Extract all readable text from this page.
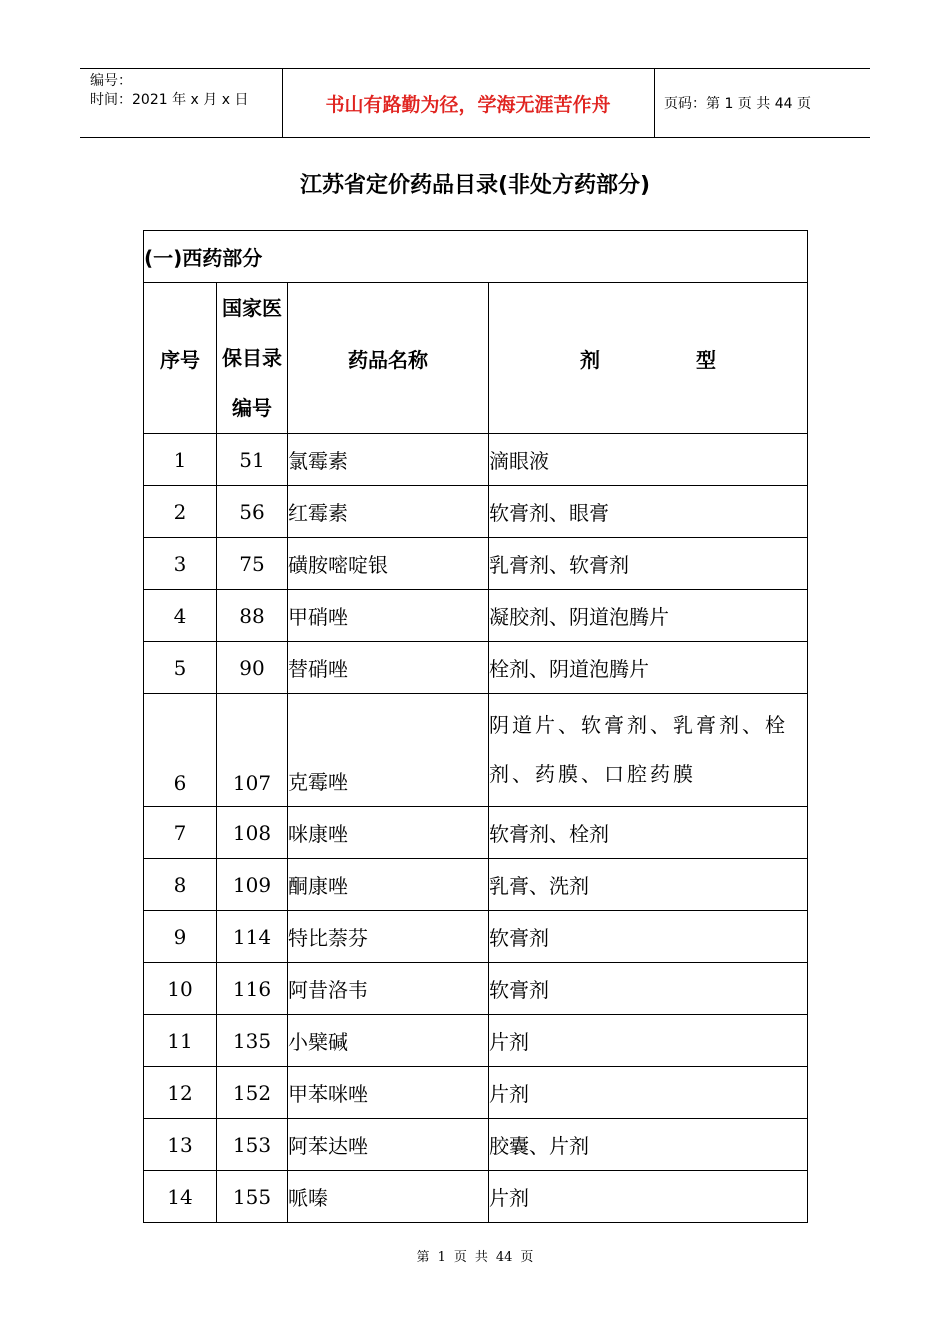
编号：
时间：2021 年 x 月 x 日	书山有路勤为径，学海无涯苦作舟	页码：第 1 页 共 44 页
江苏省定价药品目录(非处方药部分)
(一)西药部分			
序号	国家医
保目录
编号	药品名称	剂 型
1	51	氯霉素	滴眼液
2	56	红霉素	软膏剂、眼膏
3	75	磺胺嘧啶银	乳膏剂、软膏剂
4	88	甲硝唑	凝胶剂、阴道泡腾片
5	90	替硝唑	栓剂、阴道泡腾片
6	107	克霉唑	阴道片、软膏剂、乳膏剂、栓剂、药膜、口腔药膜
7	108	咪康唑	软膏剂、栓剂
8	109	酮康唑	乳膏、洗剂
9	114	特比萘芬	软膏剂
10	116	阿昔洛韦	软膏剂
11	135	小檗碱	片剂
12	152	甲苯咪唑	片剂
13	153	阿苯达唑	胶囊、片剂
14	155	哌嗪	片剂
第 1 页 共 44 页
